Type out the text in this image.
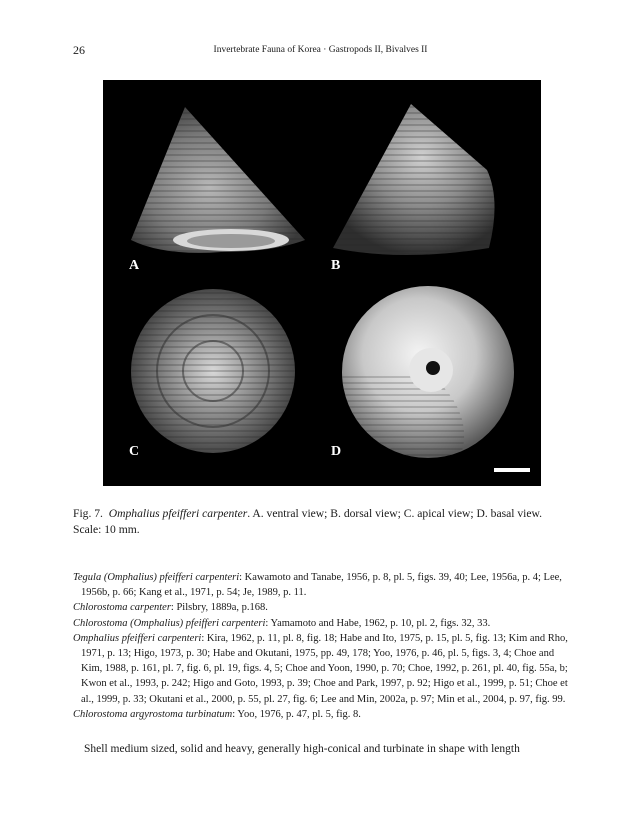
26	Invertebrate Fauna of Korea · Gastropods II, Bivalves II
A	B
C	D
Fig. 7. Omphalius pfeifferi carpenter. A. ventral view; B. dorsal view; C. apical view; D. basal view. Scale: 10 mm.
Tegula (Omphalius) pfeifferi carpenteri: Kawamoto and Tanabe, 1956, p. 8, pl. 5, figs. 39, 40; Lee, 1956a, p. 4; Lee, 1956b, p. 66; Kang et al., 1971, p. 54; Je, 1989, p. 11.
Chlorostoma carpenter: Pilsbry, 1889a, p.168.
Chlorostoma (Omphalius) pfeifferi carpenteri: Yamamoto and Habe, 1962, p. 10, pl. 2, figs. 32, 33.
Omphalius pfeifferi carpenteri: Kira, 1962, p. 11, pl. 8, fig. 18; Habe and Ito, 1975, p. 15, pl. 5, fig. 13; Kim and Rho, 1971, p. 13; Higo, 1973, p. 30; Habe and Okutani, 1975, pp. 49, 178; Yoo, 1976, p. 46, pl. 5, figs. 3, 4; Choe and Kim, 1988, p. 161, pl. 7, fig. 6, pl. 19, figs. 4, 5; Choe and Yoon, 1990, p. 70; Choe, 1992, p. 261, pl. 40, fig. 55a, b; Kwon et al., 1993, p. 242; Higo and Goto, 1993, p. 39; Choe and Park, 1997, p. 92; Higo et al., 1999, p. 51; Choe et al., 1999, p. 33; Okutani et al., 2000, p. 55, pl. 27, fig. 6; Lee and Min, 2002a, p. 97; Min et al., 2004, p. 97, fig. 99.
Chlorostoma argyrostoma turbinatum: Yoo, 1976, p. 47, pl. 5, fig. 8.
Shell medium sized, solid and heavy, generally high-conical and turbinate in shape with length
